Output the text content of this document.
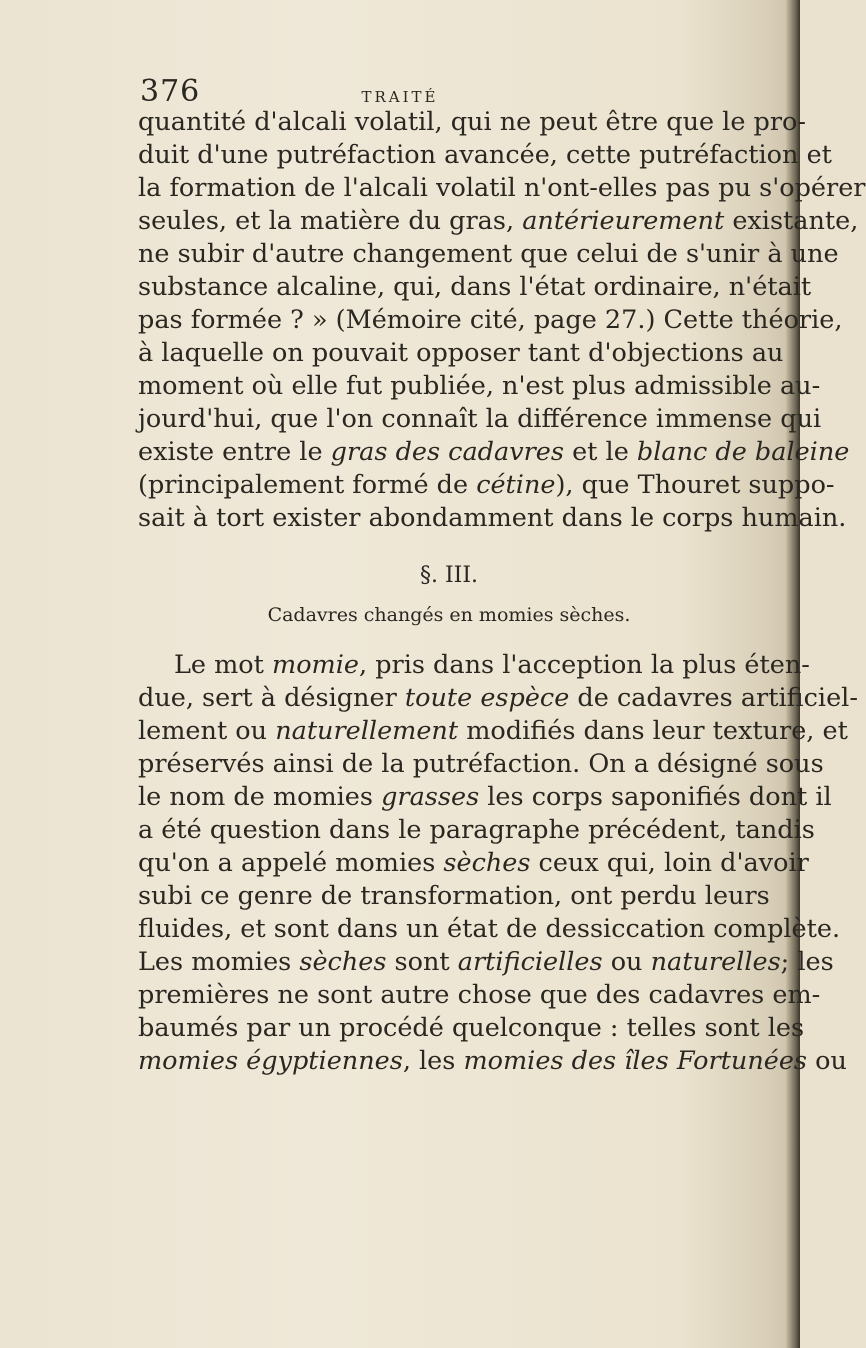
376	TRAITÉ

quantité d'alcali volatil, qui ne peut être que le pro-
duit d'une putréfaction avancée, cette putréfaction et
la formation de l'alcali volatil n'ont-elles pas pu s'opérer
seules, et la matière du gras, antérieurement existante,
ne subir d'autre changement que celui de s'unir à une
substance alcaline, qui, dans l'état ordinaire, n'était
pas formée ? » (Mémoire cité, page 27.) Cette théorie,
à laquelle on pouvait opposer tant d'objections au
moment où elle fut publiée, n'est plus admissible au-
jourd'hui, que l'on connaît la différence immense qui
existe entre le gras des cadavres et le blanc de baleine
(principalement formé de cétine), que Thouret suppo-
sait à tort exister abondamment dans le corps humain.

§. III.
Cadavres changés en momies sèches.

Le mot momie, pris dans l'acception la plus éten-
due, sert à désigner toute espèce de cadavres artificiel-
lement ou naturellement modifiés dans leur texture, et
préservés ainsi de la putréfaction. On a désigné sous
le nom de momies grasses les corps saponifiés dont il
a été question dans le paragraphe précédent, tandis
qu'on a appelé momies sèches ceux qui, loin d'avoir
subi ce genre de transformation, ont perdu leurs
fluides, et sont dans un état de dessiccation complète.
Les momies sèches sont artificielles ou naturelles; les
premières ne sont autre chose que des cadavres em-
baumés par un procédé quelconque : telles sont les
momies égyptiennes, les momies des îles Fortunées ou
